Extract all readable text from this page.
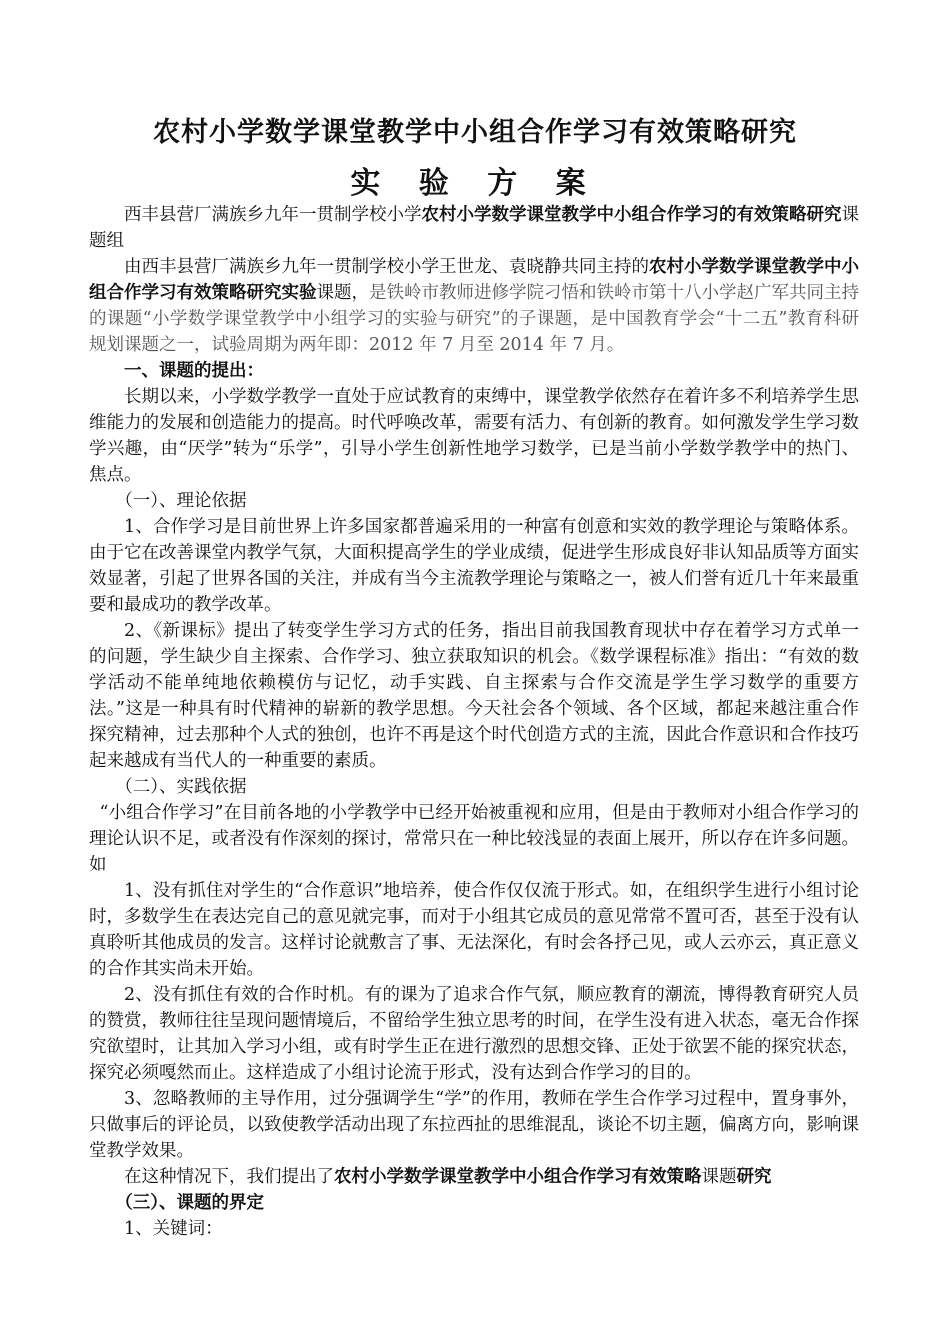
农村小学数学课堂教学中小组合作学习有效策略研究
实 验 方 案

西丰县营厂满族乡九年一贯制学校小学农村小学数学课堂教学中小组合作学习的有效策略研究课题组

由西丰县营厂满族乡九年一贯制学校小学王世龙、袁晓静共同主持的农村小学数学课堂教学中小组合作学习有效策略研究实验课题，是铁岭市教师进修学院刁悟和铁岭市第十八小学赵广军共同主持的课题“小学数学课堂教学中小组学习的实验与研究”的子课题，是中国教育学会“十二五”教育科研规划课题之一，试验周期为两年即：2012 年 7 月至 2014 年 7 月。

一、课题的提出：

长期以来，小学数学教学一直处于应试教育的束缚中，课堂教学依然存在着许多不利培养学生思维能力的发展和创造能力的提高。时代呼唤改革，需要有活力、有创新的教育。如何激发学生学习数学兴趣，由“厌学”转为“乐学”，引导小学生创新性地学习数学，已是当前小学数学教学中的热门、焦点。

（一）、理论依据

1、合作学习是目前世界上许多国家都普遍采用的一种富有创意和实效的教学理论与策略体系。由于它在改善课堂内教学气氛，大面积提高学生的学业成绩，促进学生形成良好非认知品质等方面实效显著，引起了世界各国的关注，并成有当今主流教学理论与策略之一，被人们誉有近几十年来最重要和最成功的教学改革。

2、《新课标》提出了转变学生学习方式的任务，指出目前我国教育现状中存在着学习方式单一的问题，学生缺少自主探索、合作学习、独立获取知识的机会。《数学课程标准》指出：“有效的数学活动不能单纯地依赖模仿与记忆，动手实践、自主探索与合作交流是学生学习数学的重要方法。”这是一种具有时代精神的崭新的教学思想。今天社会各个领域、各个区域，都起来越注重合作探究精神，过去那种个人式的独创，也许不再是这个时代创造方式的主流，因此合作意识和合作技巧起来越成有当代人的一种重要的素质。

（二）、实践依据

“小组合作学习”在目前各地的小学教学中已经开始被重视和应用，但是由于教师对小组合作学习的理论认识不足，或者没有作深刻的探讨，常常只在一种比较浅显的表面上展开，所以存在许多问题。如

1、没有抓住对学生的“合作意识”地培养，使合作仅仅流于形式。如，在组织学生进行小组讨论时，多数学生在表达完自己的意见就完事，而对于小组其它成员的意见常常不置可否，甚至于没有认真聆听其他成员的发言。这样讨论就敷言了事、无法深化，有时会各抒己见，或人云亦云，真正意义的合作其实尚未开始。

2、没有抓住有效的合作时机。有的课为了追求合作气氛，顺应教育的潮流，博得教育研究人员的赞赏，教师往往呈现问题情境后，不留给学生独立思考的时间，在学生没有进入状态，毫无合作探究欲望时，让其加入学习小组，或有时学生正在进行激烈的思想交锋、正处于欲罢不能的探究状态，探究必须嘎然而止。这样造成了小组讨论流于形式，没有达到合作学习的目的。

3、忽略教师的主导作用，过分强调学生“学”的作用，教师在学生合作学习过程中，置身事外，只做事后的评论员，以致使教学活动出现了东拉西扯的思维混乱，谈论不切主题，偏离方向，影响课堂教学效果。

在这种情况下，我们提出了农村小学数学课堂教学中小组合作学习有效策略课题研究

（三）、课题的界定

1、关键词：
